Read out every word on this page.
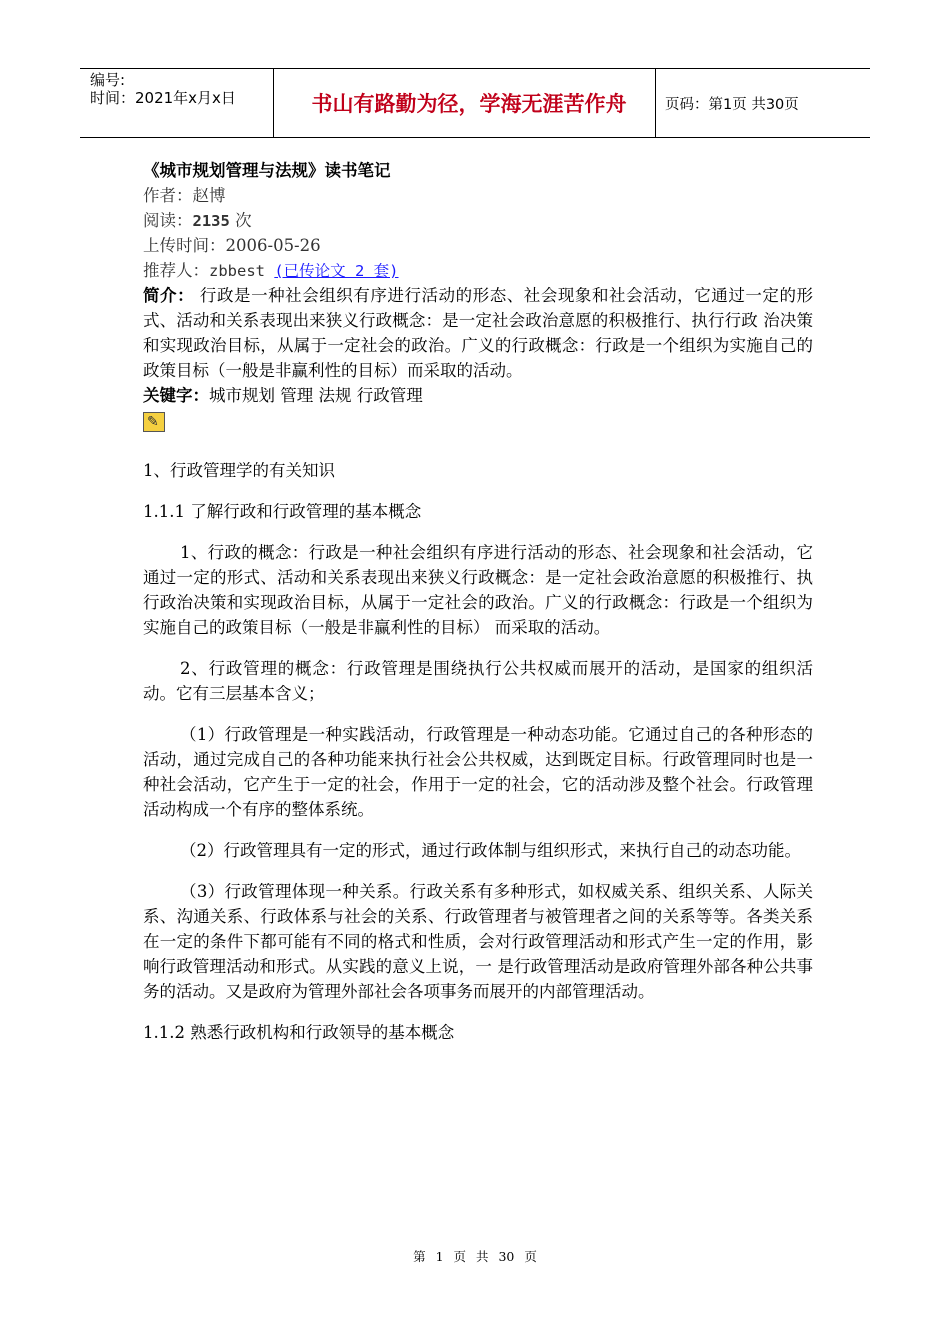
编号:
时间：2021年x月x日	书山有路勤为径，学海无涯苦作舟	页码：第1页 共30页
《城市规划管理与法规》读书笔记
作者：赵博
阅读：2135 次
上传时间：2006-05-26
推荐人：zbbest (已传论文 2 套)

简介： 行政是一种社会组织有序进行活动的形态、社会现象和社会活动，它通过一定的形式、活动和关系表现出来狭义行政概念：是一定社会政治意愿的积极推行、执行行政 治决策和实现政治目标，从属于一定社会的政治。广义的行政概念：行政是一个组织为实施自己的政策目标（一般是非赢利性的目标）而采取的活动。

关键字：城市规划 管理 法规 行政管理
✎
1、行政管理学的有关知识
1.1.1 了解行政和行政管理的基本概念

1、行政的概念：行政是一种社会组织有序进行活动的形态、社会现象和社会活动，它通过一定的形式、活动和关系表现出来狭义行政概念：是一定社会政治意愿的积极推行、执行政治决策和实现政治目标，从属于一定社会的政治。广义的行政概念：行政是一个组织为实施自己的政策目标（一般是非赢利性的目标） 而采取的活动。

2、行政管理的概念：行政管理是围绕执行公共权威而展开的活动，是国家的组织活动。它有三层基本含义；

（1）行政管理是一种实践活动，行政管理是一种动态功能。它通过自己的各种形态的活动，通过完成自己的各种功能来执行社会公共权威，达到既定目标。行政管理同时也是一种社会活动，它产生于一定的社会，作用于一定的社会，它的活动涉及整个社会。行政管理活动构成一个有序的整体系统。

（2）行政管理具有一定的形式，通过行政体制与组织形式，来执行自己的动态功能。

（3）行政管理体现一种关系。行政关系有多种形式，如权威关系、组织关系、人际关系、沟通关系、行政体系与社会的关系、行政管理者与被管理者之间的关系等等。各类关系在一定的条件下都可能有不同的格式和性质，会对行政管理活动和形式产生一定的作用，影响行政管理活动和形式。从实践的意义上说，一 是行政管理活动是政府管理外部各种公共事务的活动。又是政府为管理外部社会各项事务而展开的内部管理活动。

1.1.2 熟悉行政机构和行政领导的基本概念
第 1 页 共 30 页
